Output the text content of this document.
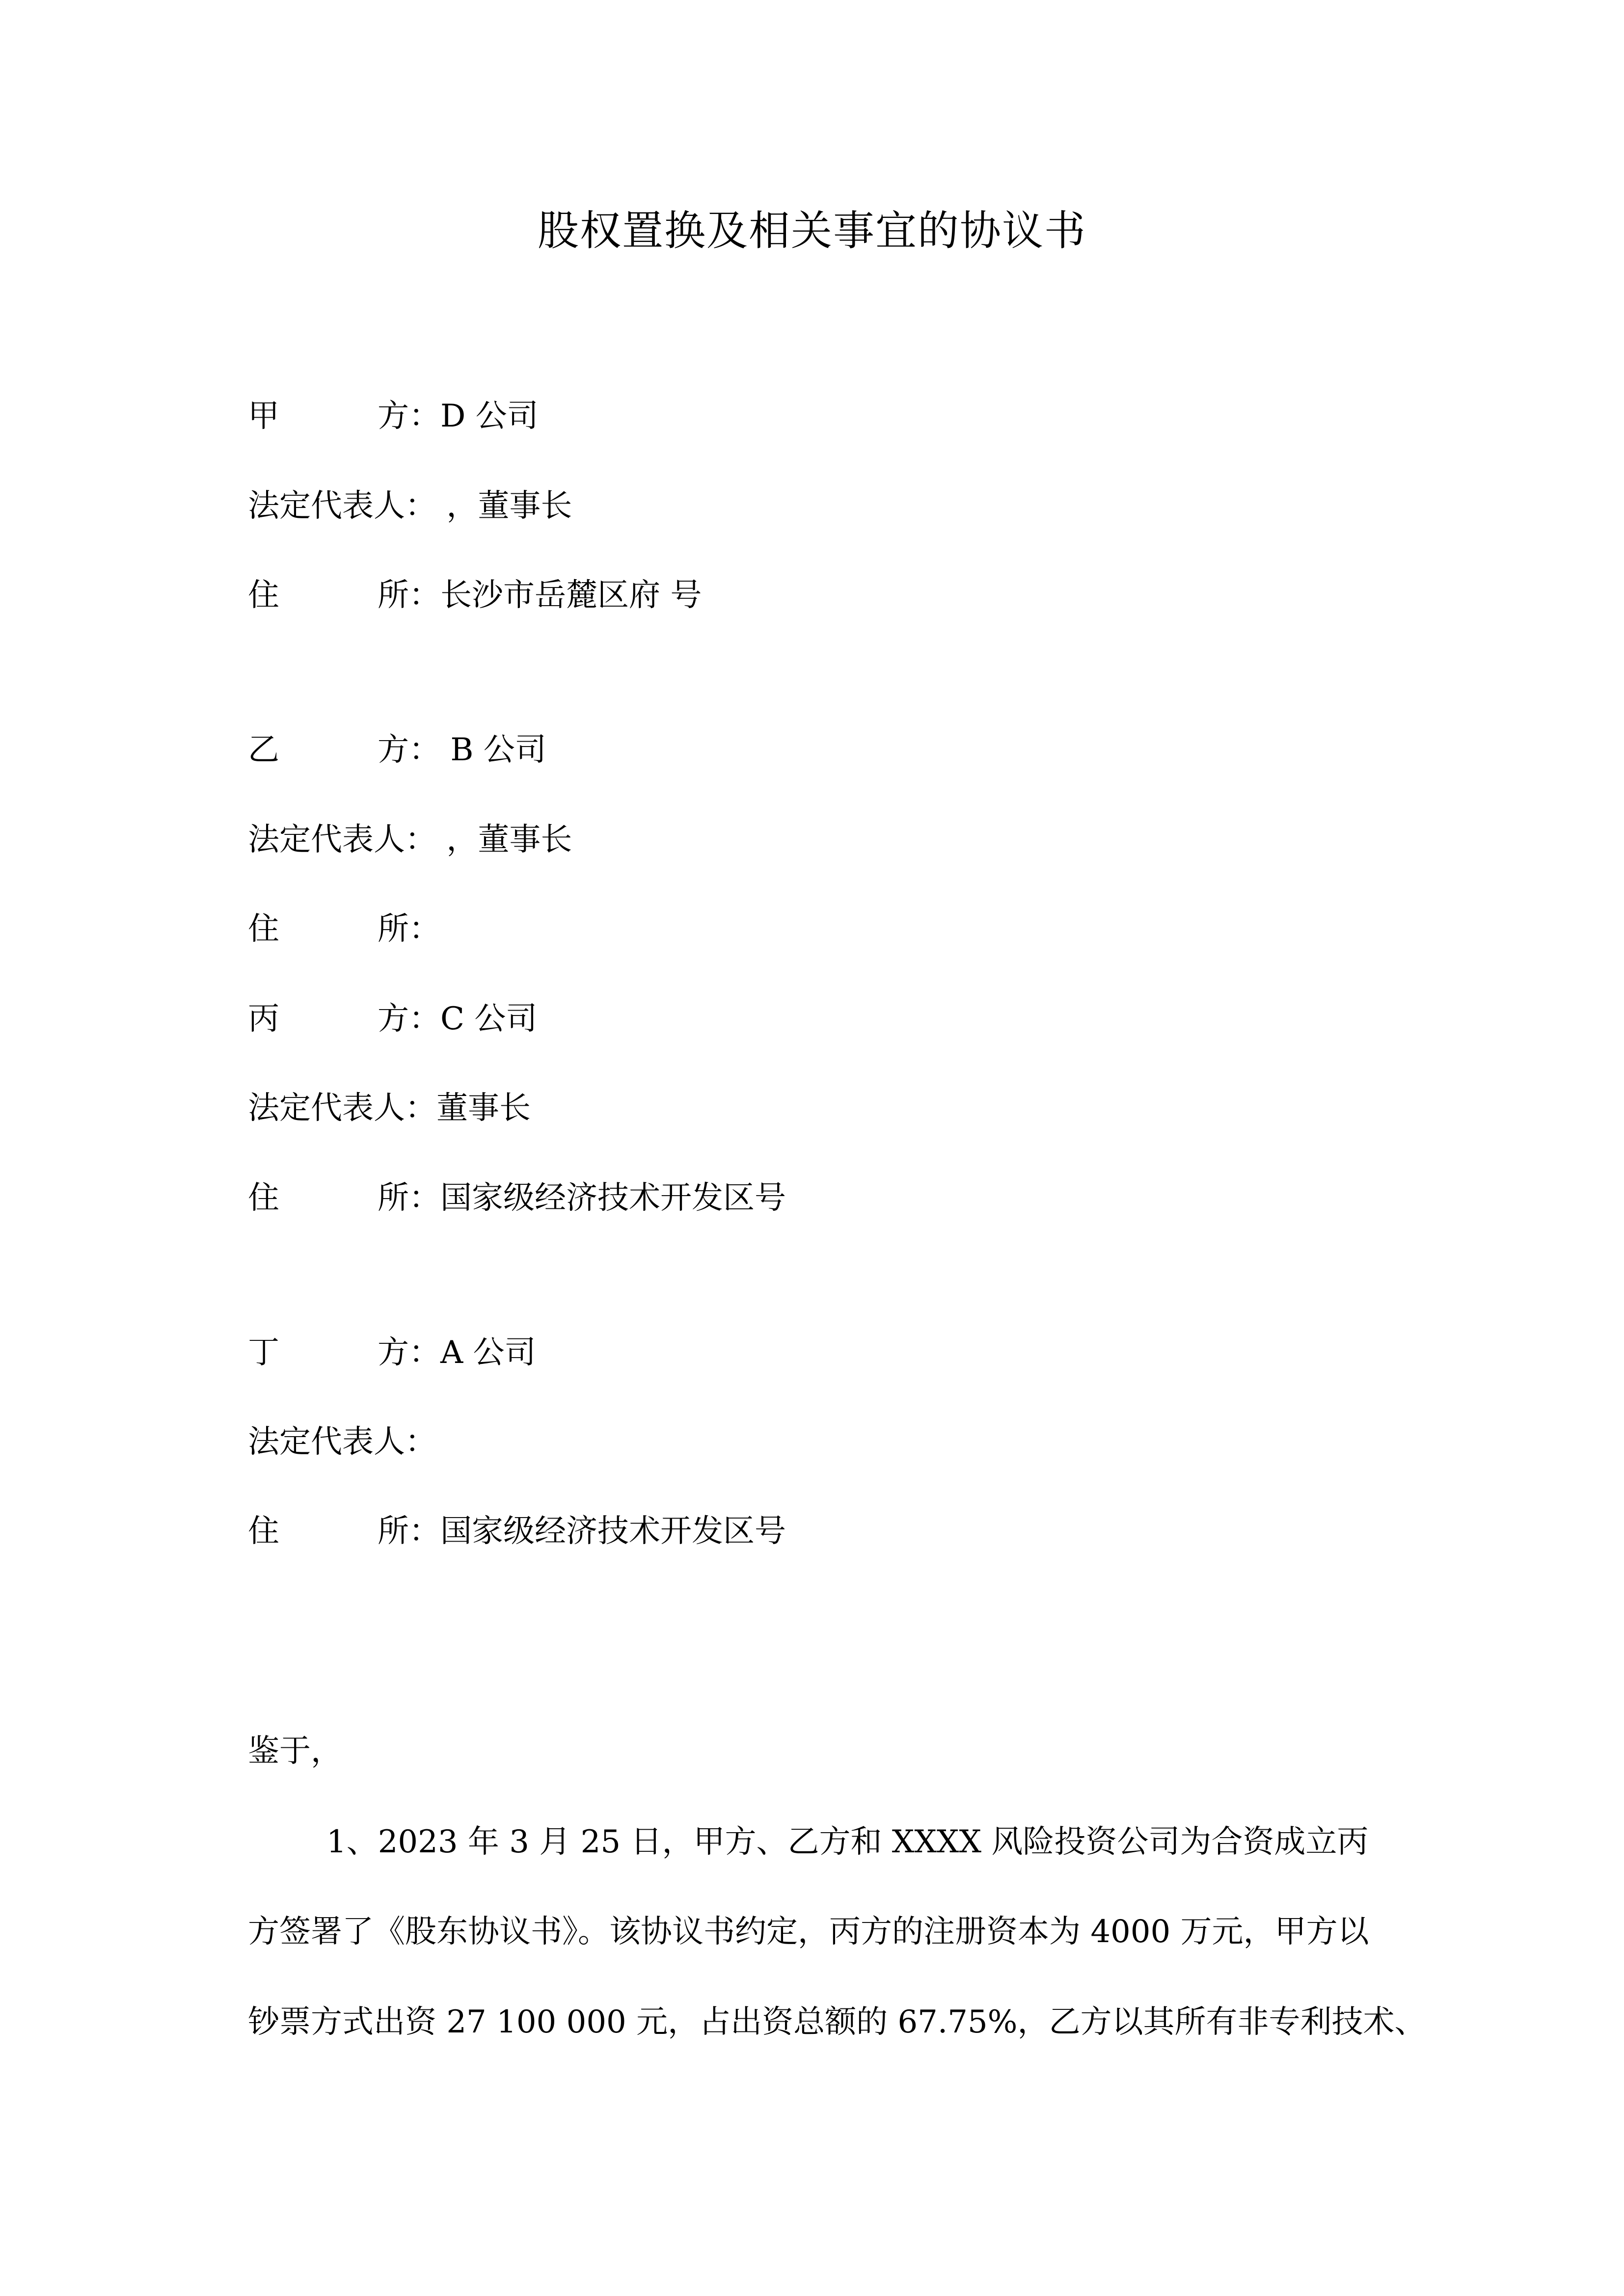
股权置换及相关事宜的协议书
甲	方：D 公司
法定代表人： ，董事长
住	所：长沙市岳麓区府 号
乙	方： B 公司
法定代表人： ，董事长
住	所：
丙	方：C 公司
法定代表人：董事长
住	所：国家级经济技术开发区号
丁	方：A 公司
法定代表人：
住	所：国家级经济技术开发区号
鉴于，
1、2023 年 3 月 25 日，甲方、乙方和 XXXX 风险投资公司为合资成立丙
方签署了《股东协议书》。该协议书约定，丙方的注册资本为 4000 万元，甲方以
钞票方式出资 27 100 000 元，占出资总额的 67.75%，乙方以其所有非专利技术、
